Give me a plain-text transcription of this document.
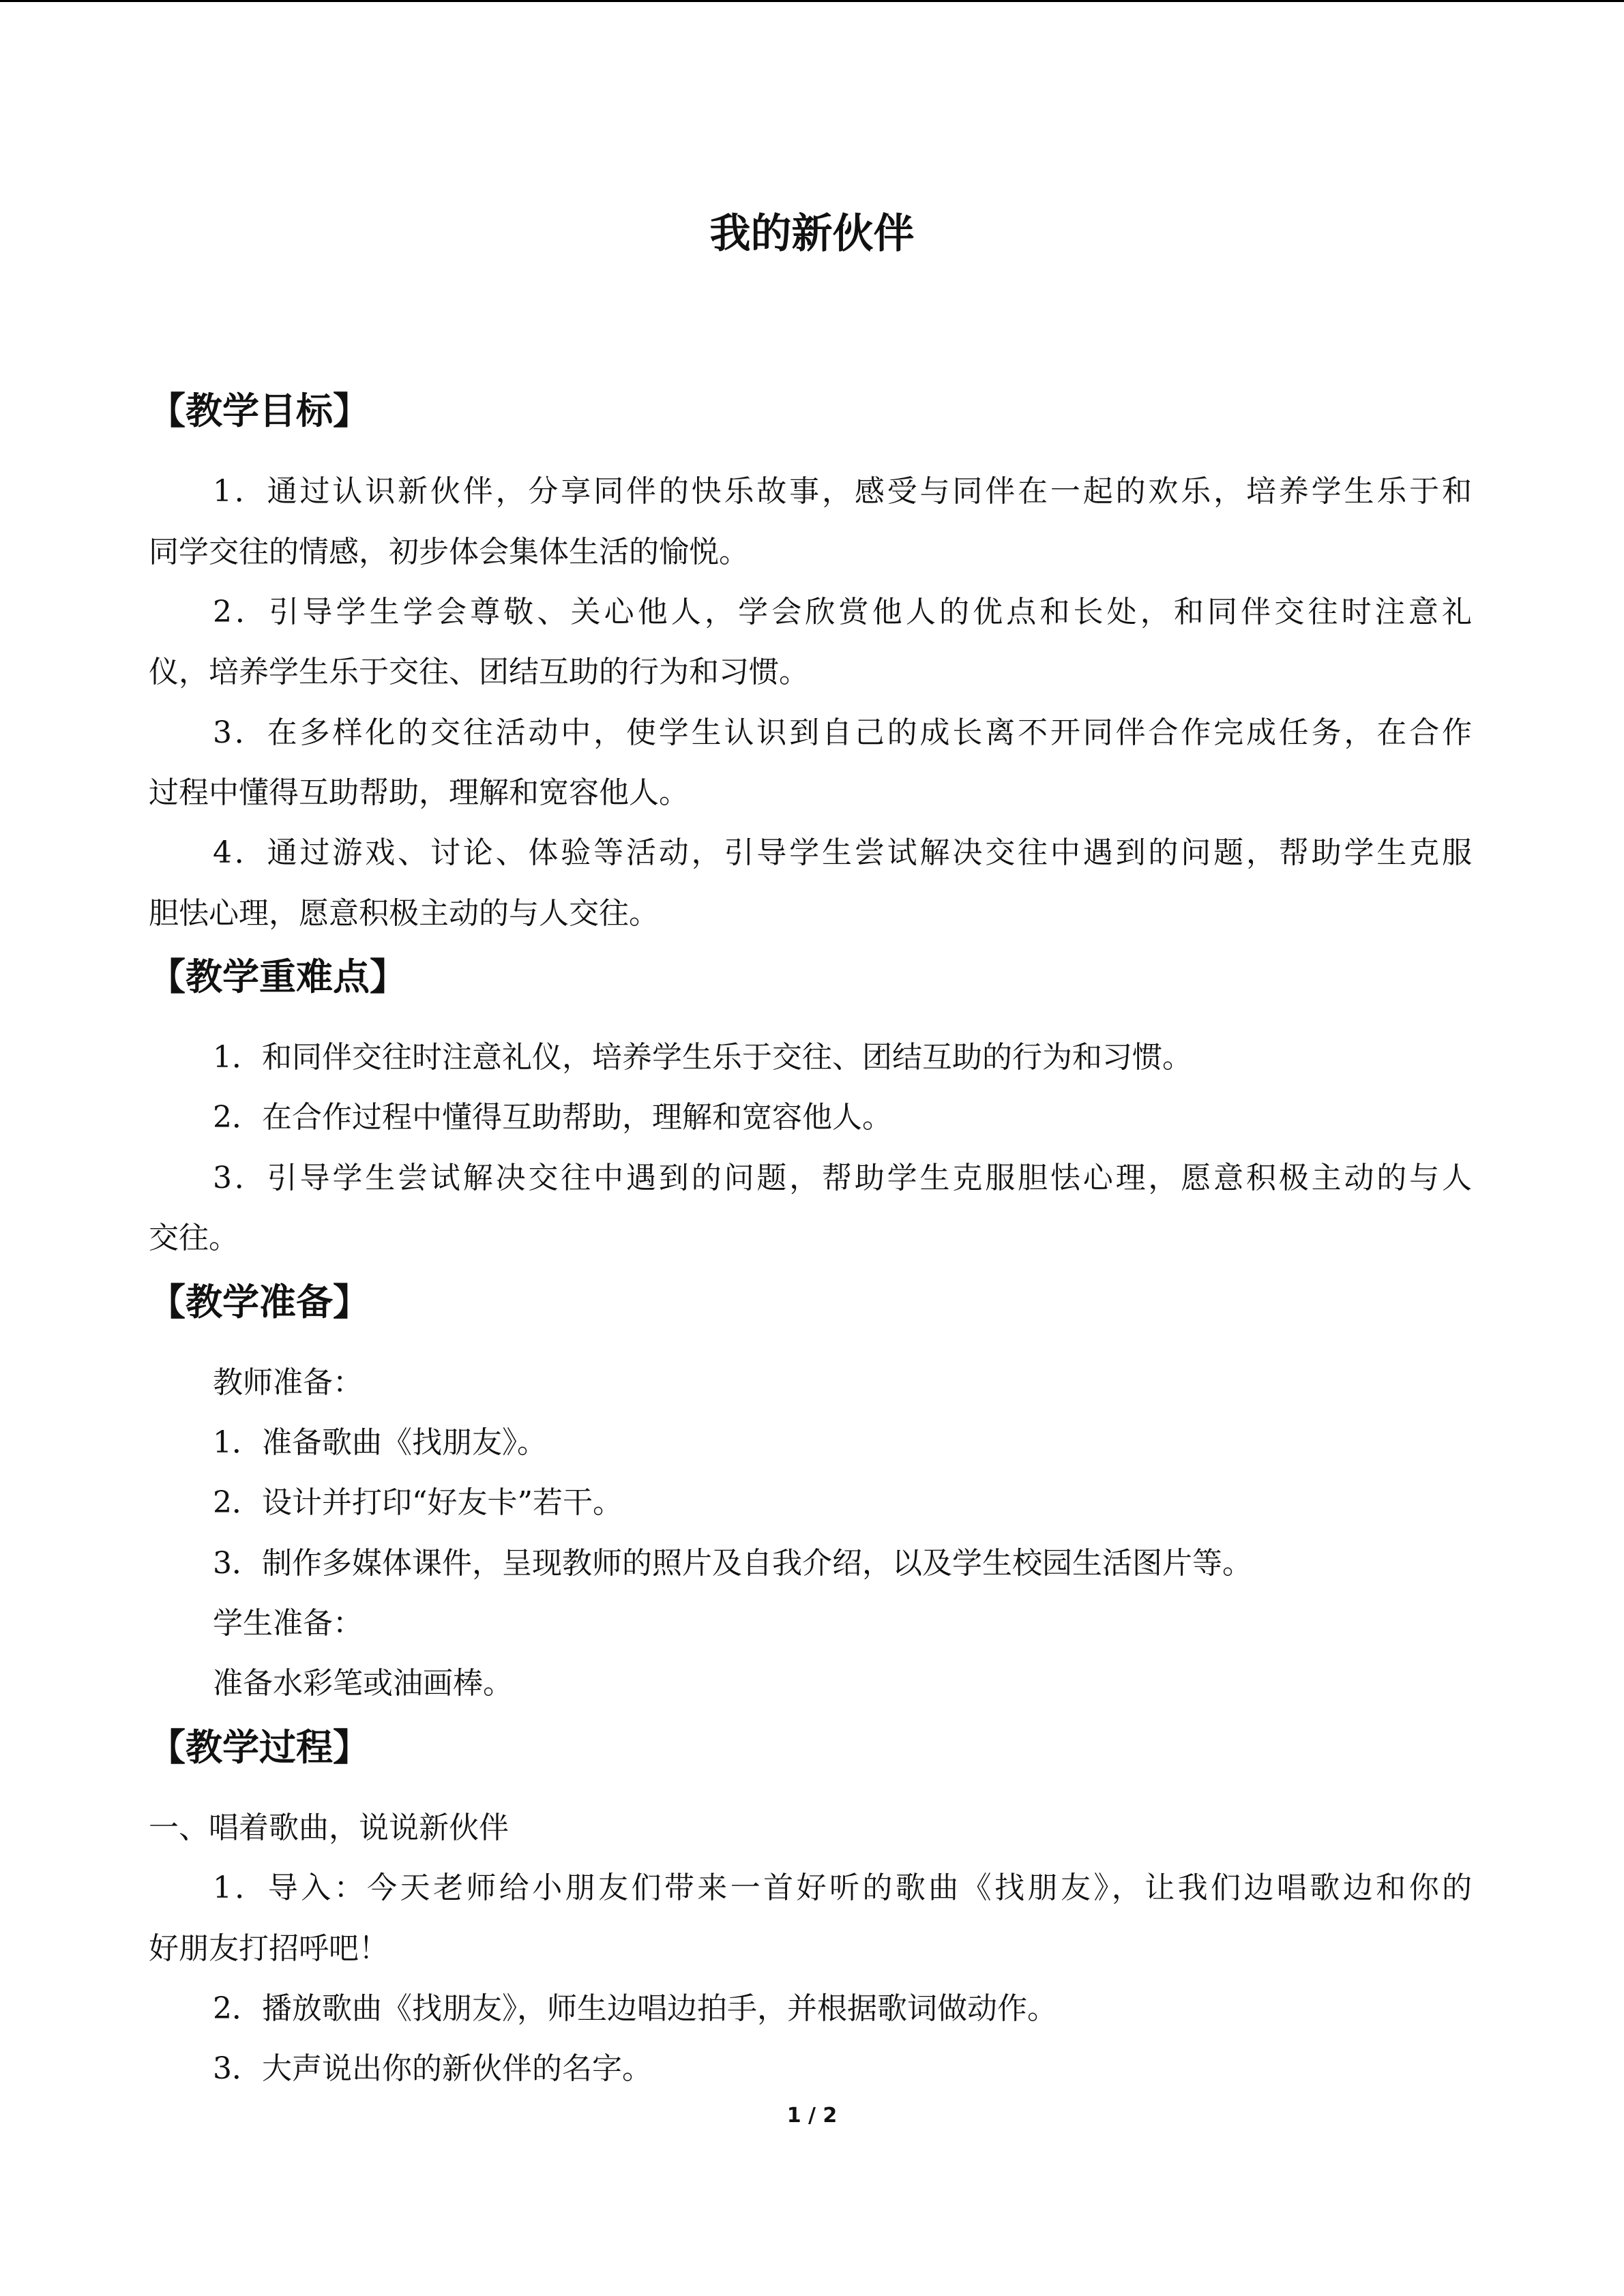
我的新伙伴
【教学目标】
1．通过认识新伙伴，分享同伴的快乐故事，感受与同伴在一起的欢乐，培养学生乐于和
同学交往的情感，初步体会集体生活的愉悦。
2．引导学生学会尊敬、关心他人，学会欣赏他人的优点和长处，和同伴交往时注意礼
仪，培养学生乐于交往、团结互助的行为和习惯。
3．在多样化的交往活动中，使学生认识到自己的成长离不开同伴合作完成任务，在合作
过程中懂得互助帮助，理解和宽容他人。
4．通过游戏、讨论、体验等活动，引导学生尝试解决交往中遇到的问题，帮助学生克服
胆怯心理，愿意积极主动的与人交往。
【教学重难点】
1．和同伴交往时注意礼仪，培养学生乐于交往、团结互助的行为和习惯。
2．在合作过程中懂得互助帮助，理解和宽容他人。
3．引导学生尝试解决交往中遇到的问题，帮助学生克服胆怯心理，愿意积极主动的与人
交往。
【教学准备】
教师准备：
1．准备歌曲《找朋友》。
2．设计并打印“好友卡”若干。
3．制作多媒体课件，呈现教师的照片及自我介绍，以及学生校园生活图片等。
学生准备：
准备水彩笔或油画棒。
【教学过程】
一、唱着歌曲，说说新伙伴
1．导入：今天老师给小朋友们带来一首好听的歌曲《找朋友》，让我们边唱歌边和你的
好朋友打招呼吧！
2．播放歌曲《找朋友》，师生边唱边拍手，并根据歌词做动作。
3．大声说出你的新伙伴的名字。
1 / 2
